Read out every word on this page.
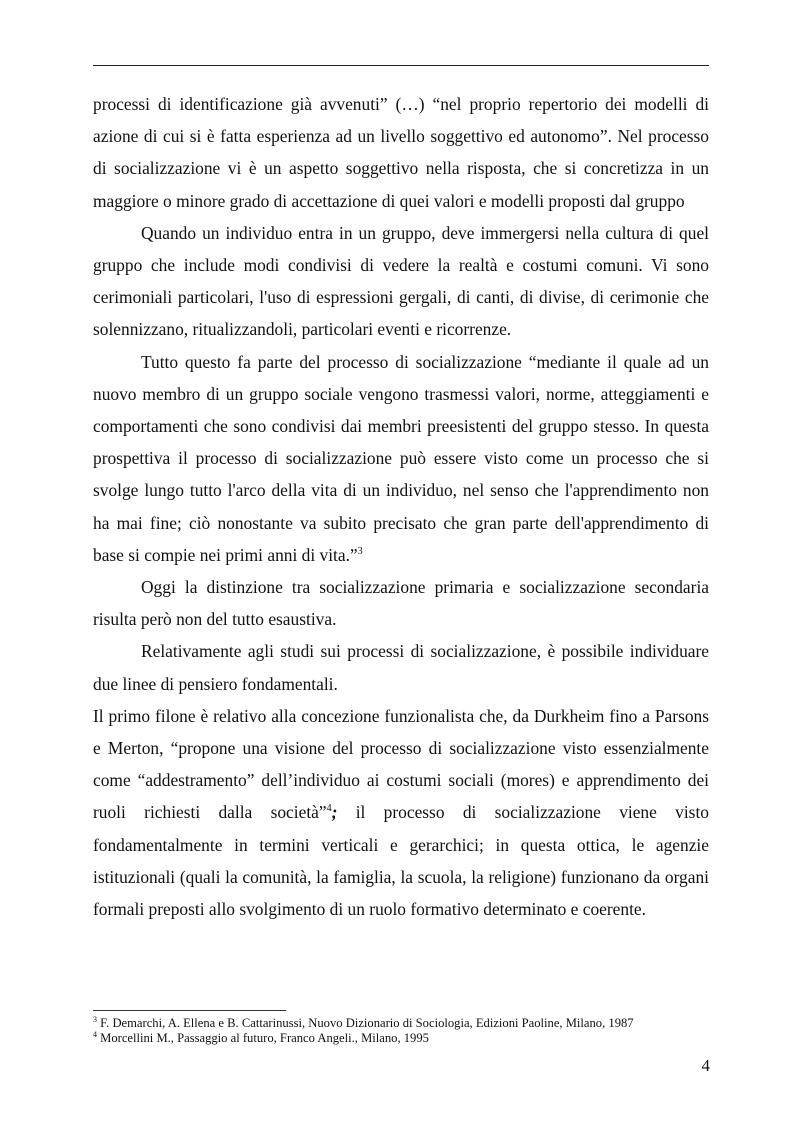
processi di identificazione già avvenuti” (…) “nel proprio repertorio dei modelli di azione di cui si è fatta esperienza ad un livello soggettivo ed autonomo”. Nel processo di socializzazione vi è un aspetto soggettivo nella risposta, che si concretizza in un maggiore o minore grado di accettazione di quei valori e modelli proposti dal gruppo

Quando un individuo entra in un gruppo, deve immergersi nella cultura di quel gruppo che include modi condivisi di vedere la realtà e costumi comuni. Vi sono cerimoniali particolari, l'uso di espressioni gergali, di canti, di divise, di cerimonie che solennizzano, ritualizzandoli, particolari eventi e ricorrenze.

Tutto questo fa parte del processo di socializzazione “mediante il quale ad un nuovo membro di un gruppo sociale vengono trasmessi valori, norme, atteggiamenti e comportamenti che sono condivisi dai membri preesistenti del gruppo stesso. In questa prospettiva il processo di socializzazione può essere visto come un processo che si svolge lungo tutto l'arco della vita di un individuo, nel senso che l'apprendimento non ha mai fine; ciò nonostante va subito precisato che gran parte dell'apprendimento di base si compie nei primi anni di vita.”$^3$

Oggi la distinzione tra socializzazione primaria e socializzazione secondaria risulta però non del tutto esaustiva.

Relativamente agli studi sui processi di socializzazione, è possibile individuare due linee di pensiero fondamentali.

Il primo filone è relativo alla concezione funzionalista che, da Durkheim fino a Parsons e Merton, “propone una visione del processo di socializzazione visto essenzialmente come “addestramento” dell’individuo ai costumi sociali (mores) e apprendimento dei ruoli richiesti dalla società”$^4$; il processo di socializzazione viene visto fondamentalmente in termini verticali e gerarchici; in questa ottica, le agenzie istituzionali (quali la comunità, la famiglia, la scuola, la religione) funzionano da organi formali preposti allo svolgimento di un ruolo formativo determinato e coerente.

$^3$ F. Demarchi, A. Ellena e B. Cattarinussi, Nuovo Dizionario di Sociologia, Edizioni Paoline, Milano, 1987
$^4$ Morcellini M., Passaggio al futuro, Franco Angeli., Milano, 1995
4
